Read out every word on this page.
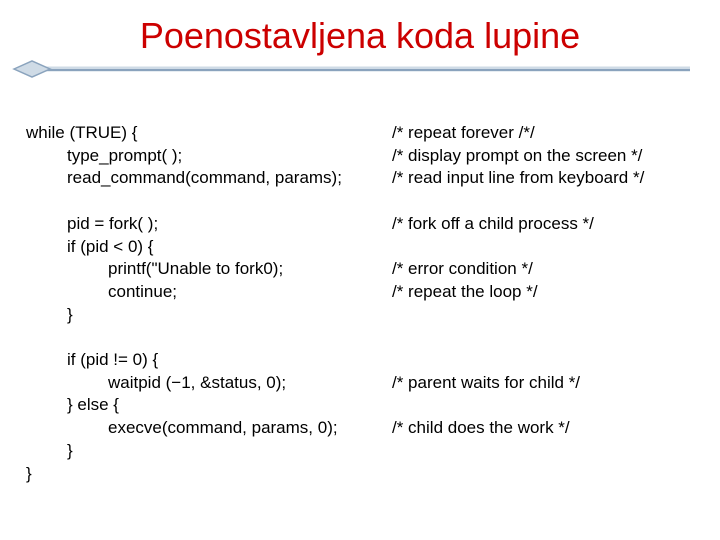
Poenostavljena koda lupine
while (TRUE) {	/* repeat forever /*/
type_prompt( );	/* display prompt on the screen */
read_command(command, params);	/* read input line from keyboard */
pid = fork( );	/* fork off a child process */
if (pid < 0) {
printf("Unable to fork0);	/* error condition */
continue;	/* repeat the loop */
}
if (pid != 0) {
waitpid (−1, &status, 0);	/* parent waits for child */
} else {
execve(command, params, 0);	/* child does the work */
}
}
